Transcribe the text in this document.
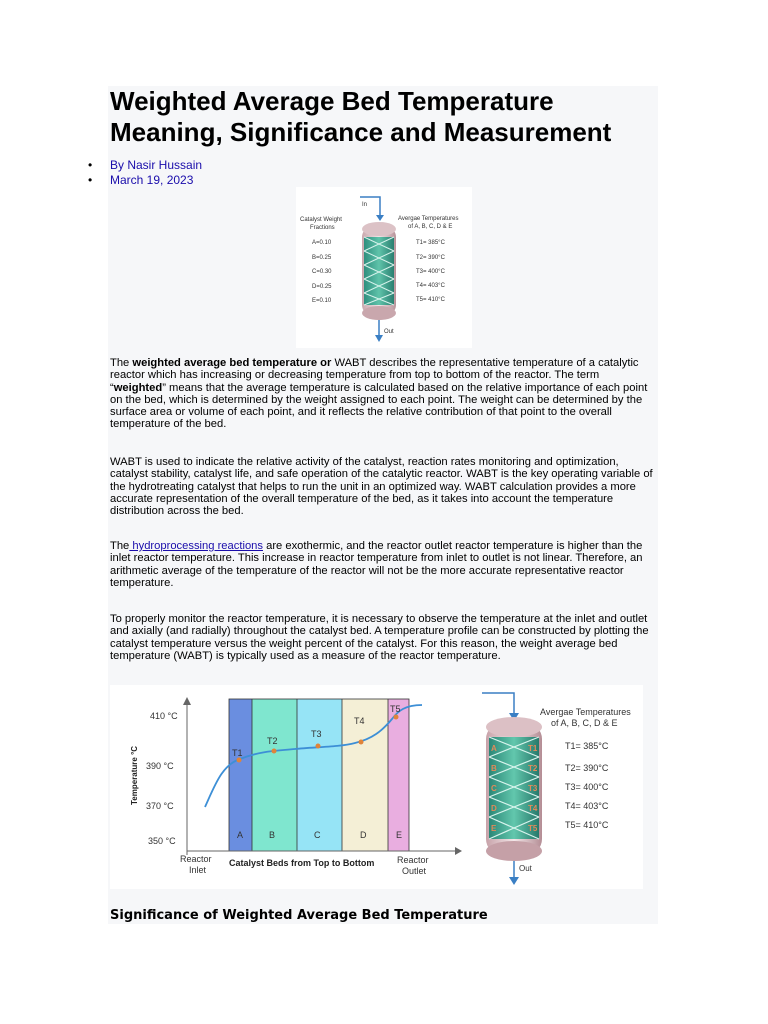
Weighted Average Bed Temperature Meaning, Significance and Measurement
• By Nasir Hussain
• March 19, 2023
In
Out
Catalyst Weight
Fractions
A=0.10
B=0.25
C=0.30
D=0.25
E=0.10
Avergae Temperatures
of A, B, C, D & E
T1= 385°C
T2= 390°C
T3= 400°C
T4= 403°C
T5= 410°C

The weighted average bed temperature or WABT describes the representative temperature of a catalytic reactor which has increasing or decreasing temperature from top to bottom of the reactor. The term “weighted” means that the average temperature is calculated based on the relative importance of each point on the bed, which is determined by the weight assigned to each point. The weight can be determined by the surface area or volume of each point, and it reflects the relative contribution of that point to the overall temperature of the bed.

WABT is used to indicate the relative activity of the catalyst, reaction rates monitoring and optimization, catalyst stability, catalyst life, and safe operation of the catalytic reactor. WABT is the key operating variable of the hydrotreating catalyst that helps to run the unit in an optimized way. WABT calculation provides a more accurate representation of the overall temperature of the bed, as it takes into account the temperature distribution across the bed.

The hydroprocessing reactions are exothermic, and the reactor outlet reactor temperature is higher than the inlet reactor temperature. This increase in reactor temperature from inlet to outlet is not linear. Therefore, an arithmetic average of the temperature of the reactor will not be the more accurate representative reactor temperature.

To properly monitor the reactor temperature, it is necessary to observe the temperature at the inlet and outlet and axially (and radially) throughout the catalyst bed. A temperature profile can be constructed by plotting the catalyst temperature versus the weight percent of the catalyst. For this reason, the weight average bed temperature (WABT) is typically used as a measure of the reactor temperature.

410 °C
390 °C
370 °C
350 °C
Temperature °C	T1
T2
T3
T4
T5
A	B	C	D	E
Reactor
Inlet
Catalyst Beds from Top to Bottom	Reactor
Outlet
A
B
C
D
E
T1
T2
T3
T4
T5
Out
Avergae Temperatures
of A, B, C, D & E
T1= 385°C
T2= 390°C
T3= 400°C
T4= 403°C
T5= 410°C
Significance of Weighted Average Bed Temperature
